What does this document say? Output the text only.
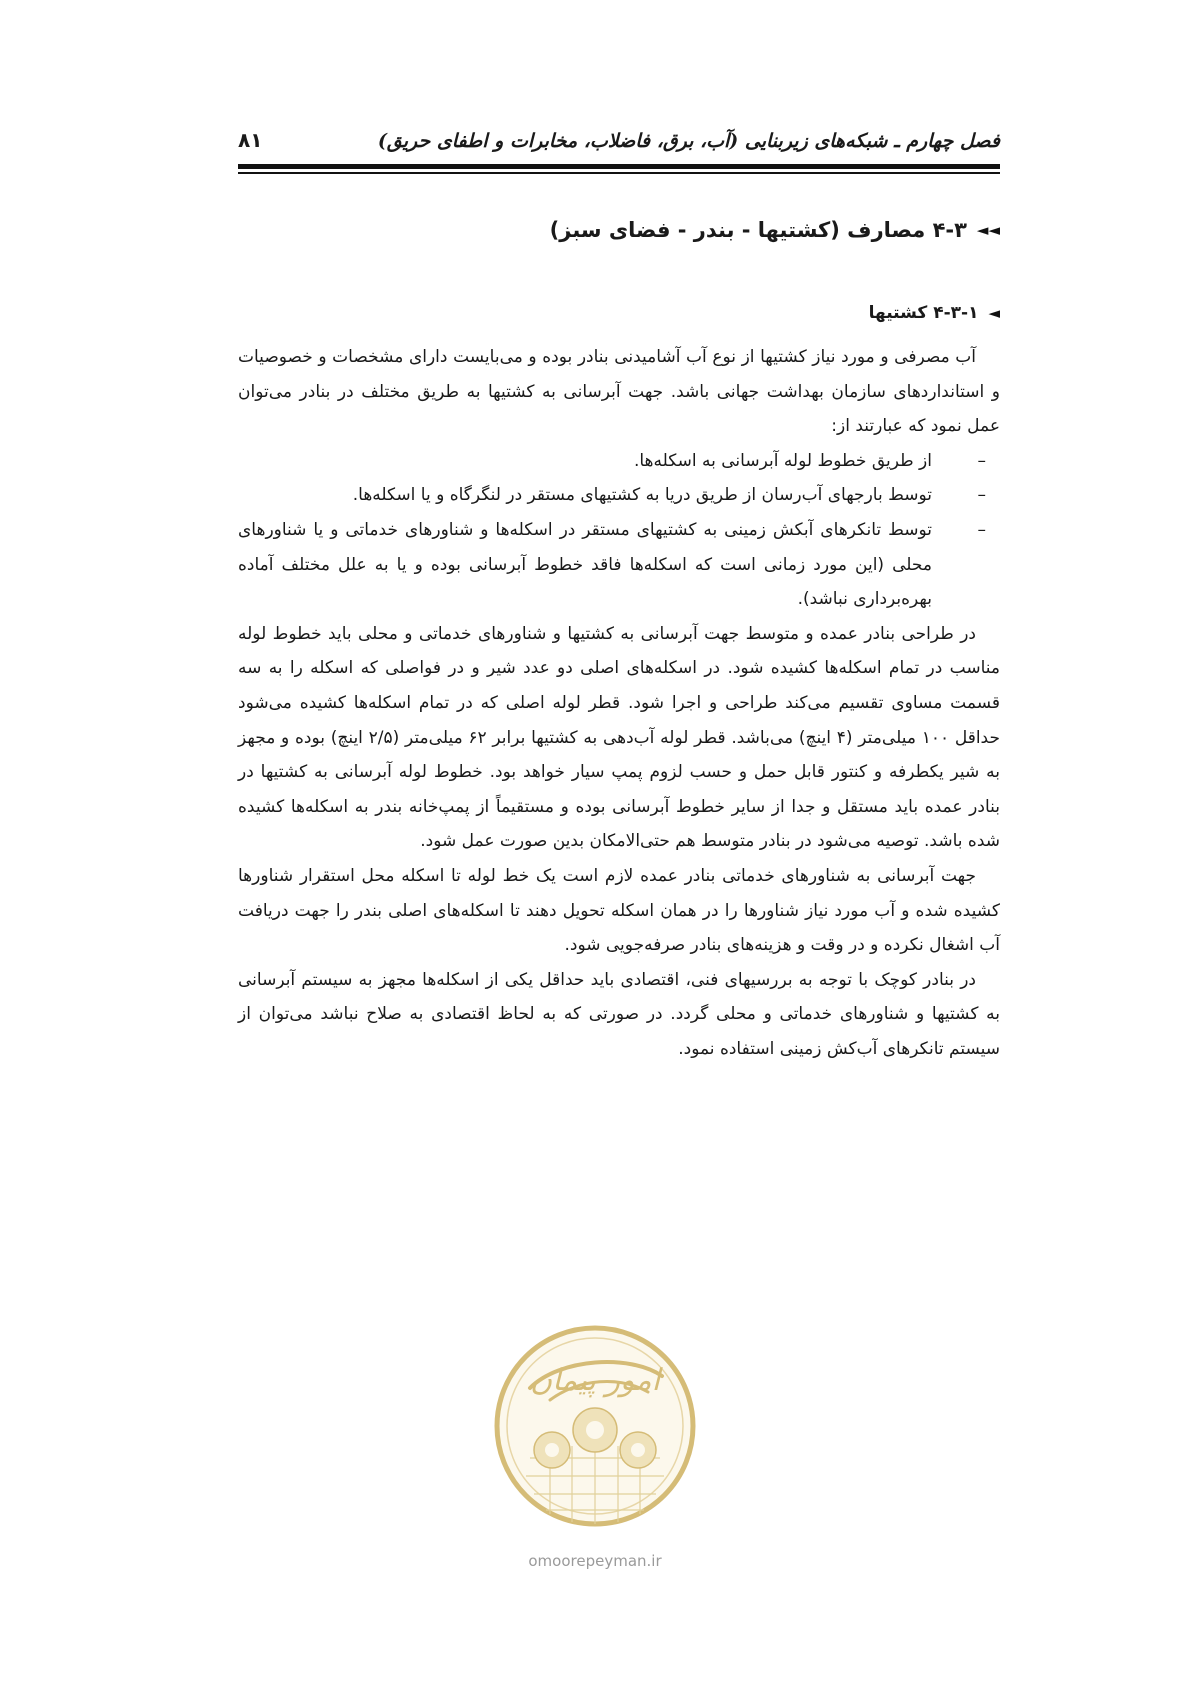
فصل چهارم ـ شبکه‌های زیربنایی (آب، برق، فاضلاب، مخابرات و اطفای حریق)
۸۱
◄◄
۴-۳ مصارف (کشتیها - بندر - فضای سبز)
◄
۴-۳-۱ کشتیها

آب مصرفی و مورد نیاز کشتیها از نوع آب آشامیدنی بنادر بوده و می‌بایست دارای مشخصات و خصوصیات و استانداردهای سازمان بهداشت جهانی باشد. جهت آبرسانی به کشتیها به طریق مختلف در بنادر می‌توان عمل نمود که عبارتند از:

–
از طریق خطوط لوله آبرسانی به اسکله‌ها.
–
توسط بارجهای آب‌رسان از طریق دریا به کشتیهای مستقر در لنگرگاه و یا اسکله‌ها.
–
توسط تانکرهای آبکش زمینی به کشتیهای مستقر در اسکله‌ها و شناورهای خدماتی و یا شناورهای محلی (این مورد زمانی است که اسکله‌ها فاقد خطوط آبرسانی بوده و یا به علل مختلف آماده بهره‌برداری نباشد).

در طراحی بنادر عمده و متوسط جهت آبرسانی به کشتیها و شناورهای خدماتی و محلی باید خطوط لوله مناسب در تمام اسکله‌ها کشیده شود. در اسکله‌های اصلی دو عدد شیر و در فواصلی که اسکله را به سه قسمت مساوی تقسیم می‌کند طراحی و اجرا شود. قطر لوله اصلی که در تمام اسکله‌ها کشیده می‌شود حداقل ۱۰۰ میلی‌متر (۴ اینچ) می‌باشد. قطر لوله آب‌دهی به کشتیها برابر ۶۲ میلی‌متر (۲/۵ اینچ) بوده و مجهز به شیر یکطرفه و کنتور قابل حمل و حسب لزوم پمپ سیار خواهد بود. خطوط لوله آبرسانی به کشتیها در بنادر عمده باید مستقل و جدا از سایر خطوط آبرسانی بوده و مستقیماً از پمپ‌خانه بندر به اسکله‌ها کشیده شده باشد. توصیه می‌شود در بنادر متوسط هم حتی‌الامکان بدین صورت عمل شود.

جهت آبرسانی به شناورهای خدماتی بنادر عمده لازم است یک خط لوله تا اسکله محل استقرار شناورها کشیده شده و آب مورد نیاز شناورها را در همان اسکله تحویل دهند تا اسکله‌های اصلی بندر را جهت دریافت آب اشغال نکرده و در وقت و هزینه‌های بنادر صرفه‌جویی شود.

در بنادر کوچک با توجه به بررسیهای فنی، اقتصادی باید حداقل یکی از اسکله‌ها مجهز به سیستم آبرسانی به کشتیها و شناورهای خدماتی و محلی گردد. در صورتی که به لحاظ اقتصادی به صلاح نباشد می‌توان از سیستم تانکرهای آب‌کش زمینی استفاده نمود.

امور پیمان
omoorepeyman.ir
